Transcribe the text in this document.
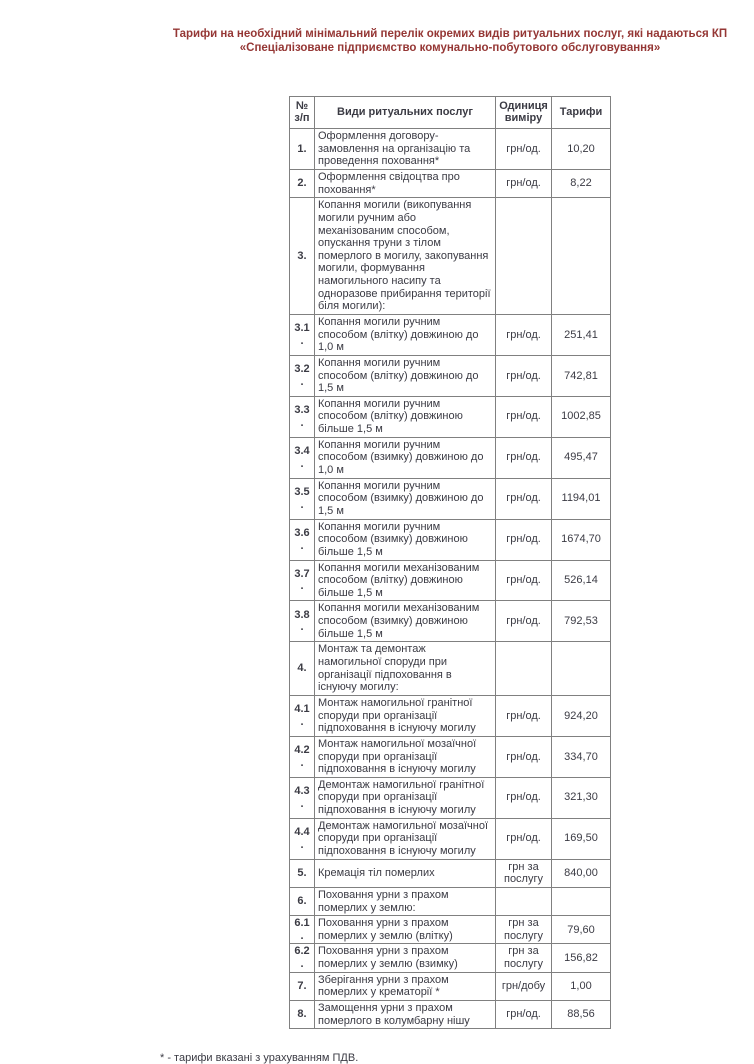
Тарифи на необхідний мінімальний перелік окремих видів ритуальних послуг, які надаються КП «Спеціалізоване підприємство комунально-побутового обслуговування»

№ з/п	Види ритуальних послуг	Одиниця виміру	Тарифи
1.	Оформлення договору-замовлення на організацію та проведення поховання*	грн/од.	10,20
2.	Оформлення свідоцтва про поховання*	грн/од.	8,22
3.	Копання могили (викопування могили ручним або механізованим способом, опускання труни з тілом померлого в могилу, закопування могили, формування намогильного насипу та одноразове прибирання території біля могили):		
3.1.	Копання могили ручним способом (влітку) довжиною до 1,0 м	грн/од.	251,41
3.2.	Копання могили ручним способом (влітку) довжиною до 1,5 м	грн/од.	742,81
3.3.	Копання могили ручним способом (влітку) довжиною більше 1,5 м	грн/од.	1002,85
3.4.	Копання могили ручним способом (взимку) довжиною до 1,0 м	грн/од.	495,47
3.5.	Копання могили ручним способом (взимку) довжиною до 1,5 м	грн/од.	1194,01
3.6.	Копання могили ручним способом (взимку) довжиною більше 1,5 м	грн/од.	1674,70
3.7.	Копання могили механізованим способом (влітку) довжиною більше 1,5 м	грн/од.	526,14
3.8.	Копання могили механізованим способом (взимку) довжиною більше 1,5 м	грн/од.	792,53
4.	Монтаж та демонтаж намогильної споруди при організації підпоховання в існуючу могилу:		
4.1.	Монтаж намогильної гранітної споруди при організації підпоховання в існуючу могилу	грн/од.	924,20
4.2.	Монтаж намогильної мозаїчної споруди при організації підпоховання в існуючу могилу	грн/од.	334,70
4.3.	Демонтаж намогильної гранітної споруди при організації підпоховання в існуючу могилу	грн/од.	321,30
4.4.	Демонтаж намогильної мозаїчної споруди при організації підпоховання в існуючу могилу	грн/од.	169,50
5.	Кремація тіл померлих	грн за послугу	840,00
6.	Поховання урни з прахом померлих у землю:		
6.1.	Поховання урни з прахом померлих у землю (влітку)	грн за послугу	79,60
6.2.	Поховання урни з прахом померлих у землю (взимку)	грн за послугу	156,82
7.	Зберігання урни з прахом померлих у крематорії *	грн/добу	1,00
8.	Замощення урни з прахом померлого в колумбарну нішу	грн/од.	88,56

* - тарифи вказані з урахуванням ПДВ.
